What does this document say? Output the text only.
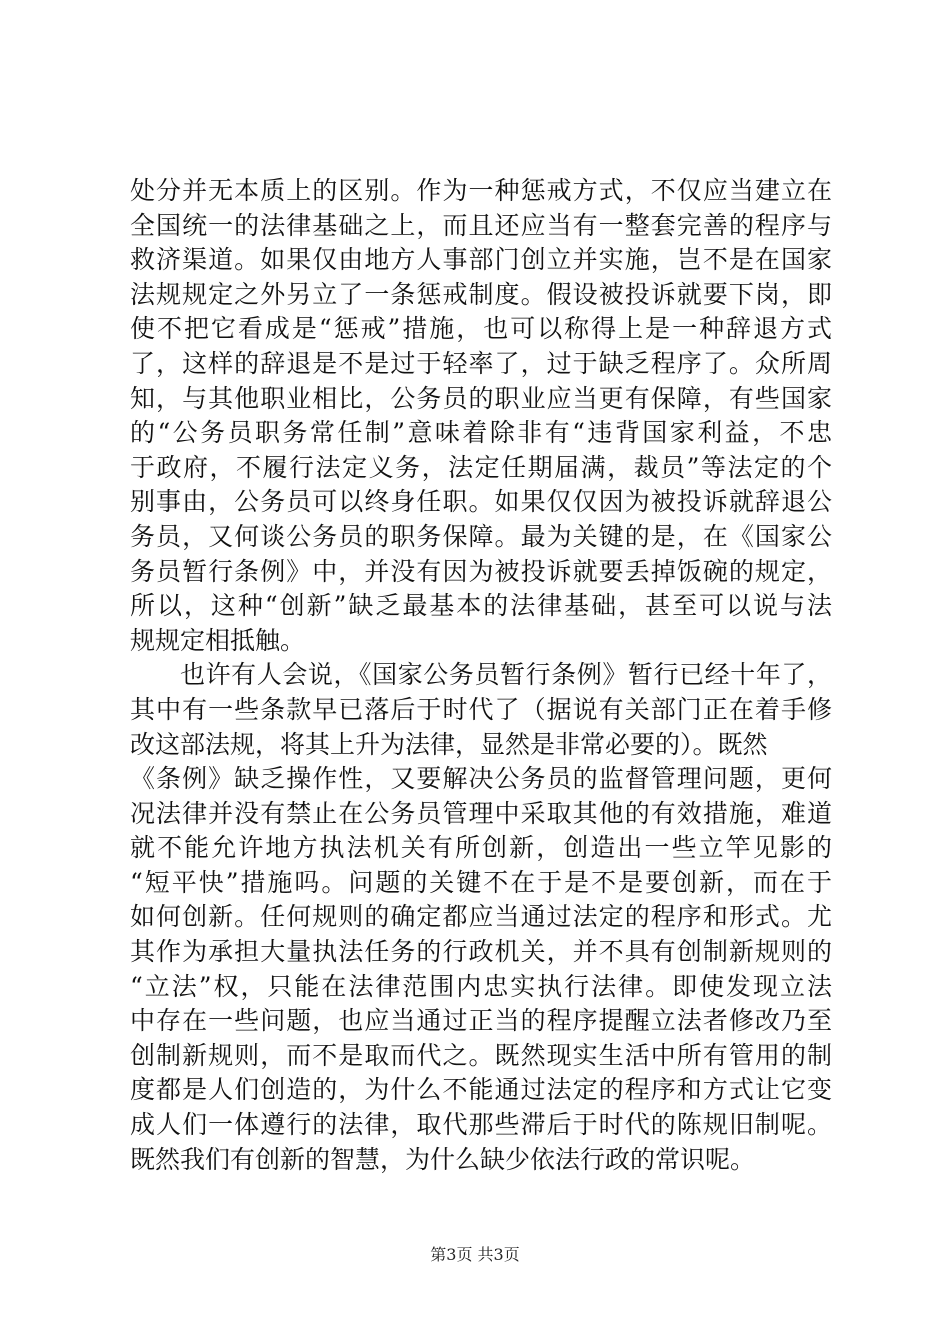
处分并无本质上的区别。作为一种惩戒方式，不仅应当建立在
全国统一的法律基础之上，而且还应当有一整套完善的程序与
救济渠道。如果仅由地方人事部门创立并实施，岂不是在国家
法规规定之外另立了一条惩戒制度。假设被投诉就要下岗，即
使不把它看成是“惩戒”措施，也可以称得上是一种辞退方式
了，这样的辞退是不是过于轻率了，过于缺乏程序了。众所周
知，与其他职业相比，公务员的职业应当更有保障，有些国家
的“公务员职务常任制”意味着除非有“违背国家利益，不忠
于政府，不履行法定义务，法定任期届满，裁员”等法定的个
别事由，公务员可以终身任职。如果仅仅因为被投诉就辞退公
务员，又何谈公务员的职务保障。最为关键的是，在《国家公
务员暂行条例》中，并没有因为被投诉就要丢掉饭碗的规定，
所以，这种“创新”缺乏最基本的法律基础，甚至可以说与法
规规定相抵触。
也许有人会说，《国家公务员暂行条例》暂行已经十年了，
其中有一些条款早已落后于时代了（据说有关部门正在着手修
改这部法规，将其上升为法律，显然是非常必要的）。既然
《条例》缺乏操作性，又要解决公务员的监督管理问题，更何
况法律并没有禁止在公务员管理中采取其他的有效措施，难道
就不能允许地方执法机关有所创新，创造出一些立竿见影的
“短平快”措施吗。问题的关键不在于是不是要创新，而在于
如何创新。任何规则的确定都应当通过法定的程序和形式。尤
其作为承担大量执法任务的行政机关，并不具有创制新规则的
“立法”权，只能在法律范围内忠实执行法律。即使发现立法
中存在一些问题，也应当通过正当的程序提醒立法者修改乃至
创制新规则，而不是取而代之。既然现实生活中所有管用的制
度都是人们创造的，为什么不能通过法定的程序和方式让它变
成人们一体遵行的法律，取代那些滞后于时代的陈规旧制呢。
既然我们有创新的智慧，为什么缺少依法行政的常识呢。
第3页 共3页
